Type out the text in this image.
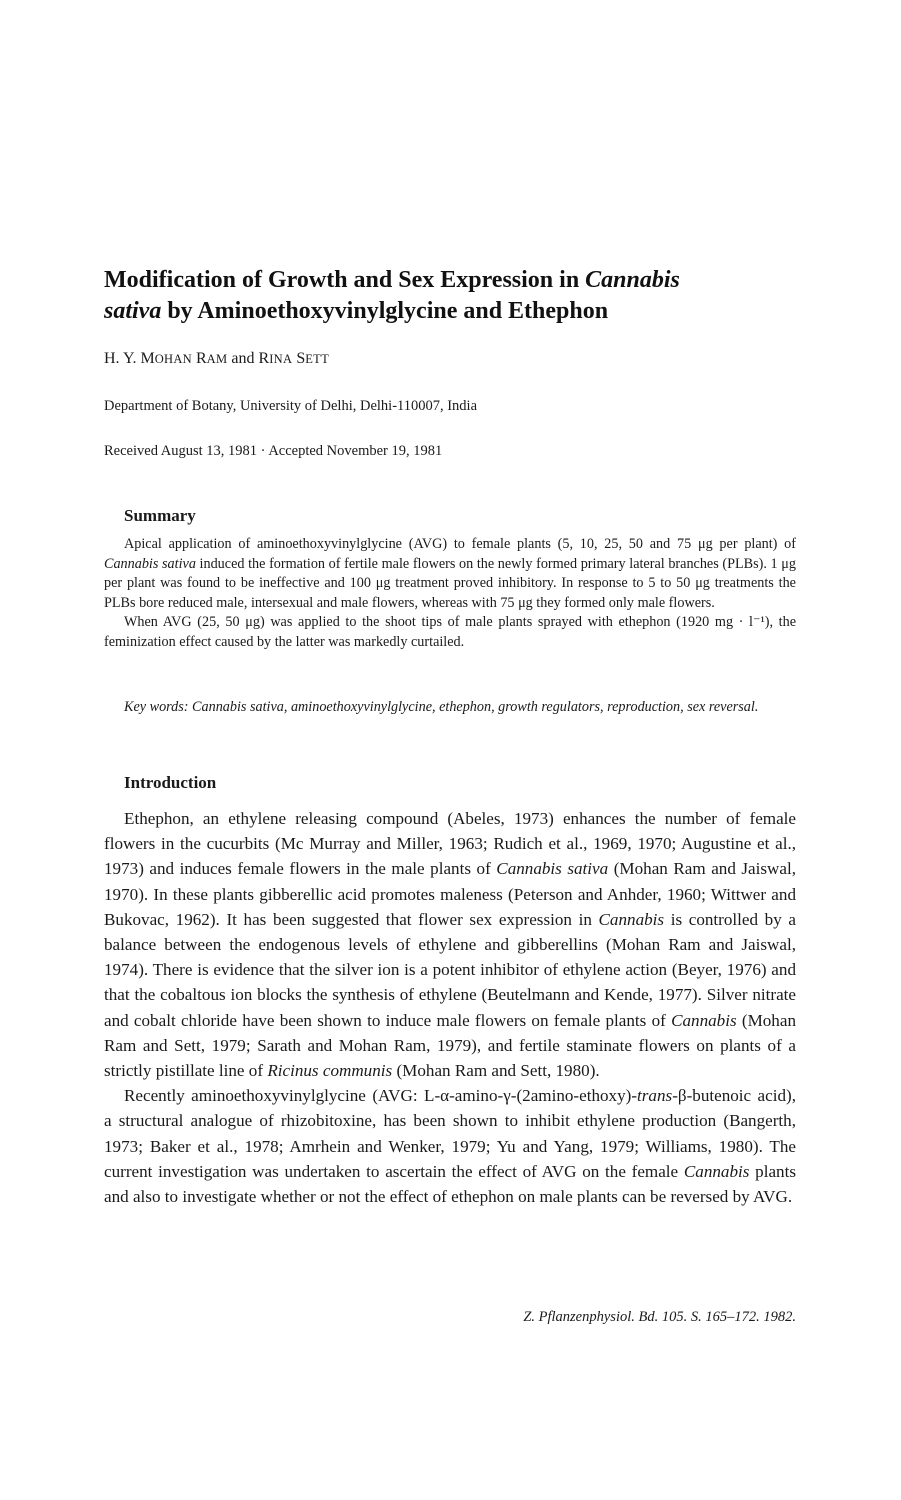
Modification of Growth and Sex Expression in Cannabis
sativa by Aminoethoxyvinylglycine and Ethephon
H. Y. MOHAN RAM and RINA SETT
Department of Botany, University of Delhi, Delhi-110007, India
Received August 13, 1981 · Accepted November 19, 1981
Summary

Apical application of aminoethoxyvinylglycine (AVG) to female plants (5, 10, 25, 50 and 75 μg per plant) of Cannabis sativa induced the formation of fertile male flowers on the newly formed primary lateral branches (PLBs). 1 μg per plant was found to be ineffective and 100 μg treatment proved inhibitory. In response to 5 to 50 μg treatments the PLBs bore reduced male, intersexual and male flowers, whereas with 75 μg they formed only male flowers.

When AVG (25, 50 μg) was applied to the shoot tips of male plants sprayed with ethephon (1920 mg · l⁻¹), the feminization effect caused by the latter was markedly curtailed.

Key words: Cannabis sativa, aminoethoxyvinylglycine, ethephon, growth regulators, reproduction, sex reversal.

Introduction

Ethephon, an ethylene releasing compound (Abeles, 1973) enhances the number of female flowers in the cucurbits (Mc Murray and Miller, 1963; Rudich et al., 1969, 1970; Augustine et al., 1973) and induces female flowers in the male plants of Cannabis sativa (Mohan Ram and Jaiswal, 1970). In these plants gibberellic acid promotes maleness (Peterson and Anhder, 1960; Wittwer and Bukovac, 1962). It has been suggested that flower sex expression in Cannabis is controlled by a balance between the endogenous levels of ethylene and gibberellins (Mohan Ram and Jaiswal, 1974). There is evidence that the silver ion is a potent inhibitor of ethylene action (Beyer, 1976) and that the cobaltous ion blocks the synthesis of ethylene (Beutelmann and Kende, 1977). Silver nitrate and cobalt chloride have been shown to induce male flowers on female plants of Cannabis (Mohan Ram and Sett, 1979; Sarath and Mohan Ram, 1979), and fertile staminate flowers on plants of a strictly pistillate line of Ricinus communis (Mohan Ram and Sett, 1980).

Recently aminoethoxyvinylglycine (AVG: L-α-amino-γ-(2amino-ethoxy)-trans-β-butenoic acid), a structural analogue of rhizobitoxine, has been shown to inhibit ethylene production (Bangerth, 1973; Baker et al., 1978; Amrhein and Wenker, 1979; Yu and Yang, 1979; Williams, 1980). The current investigation was undertaken to ascertain the effect of AVG on the female Cannabis plants and also to investigate whether or not the effect of ethephon on male plants can be reversed by AVG.

Z. Pflanzenphysiol. Bd. 105. S. 165–172. 1982.
